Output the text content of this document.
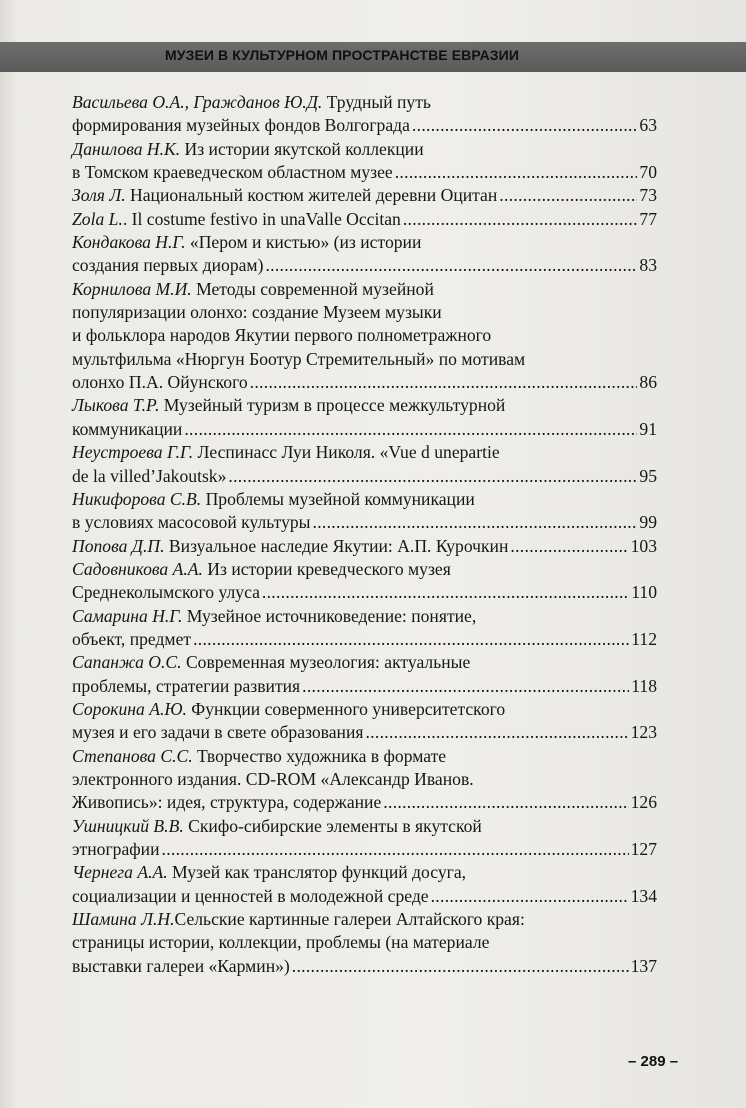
МУЗЕИ В КУЛЬТУРНОМ ПРОСТРАНСТВЕ ЕВРАЗИИ
Васильева О.А., Гражданов Ю.Д. Трудный путь
формирования музейных фондов Волгограда .....	63
Данилова Н.К. Из истории якутской коллекции
в Томском краеведческом областном музее .....	70
Золя Л. Национальный костюм жителей деревни Оцитан .....	73
Zola L.. Il costume festivo in unaValle Occitan .....	77
Кондакова Н.Г. «Пером и кистью» (из истории
создания первых диорам) .....	83
Корнилова М.И. Методы современной музейной
популяризации олонхо: создание Музеем музыки
и фольклора народов Якутии первого полнометражного
мультфильма «Нюргун Боотур Стремительный» по мотивам
олонхо П.А. Ойунского .....	86
Лыкова Т.Р. Музейный туризм в процессе межкультурной
коммуникации .....	91
Неустроева Г.Г. Леспинасс Луи Николя. «Vue d unepartie
de la villed’Jakoutsk» .....	95
Никифорова С.В. Проблемы музейной коммуникации
в условиях масосовой культуры .....	99
Попова Д.П. Визуальное наследие Якутии: А.П. Курочкин .....	103
Садовникова А.А. Из истории креведческого музея
Среднеколымского улуса .....	110
Самарина Н.Г. Музейное источниковедение: понятие,
объект, предмет .....	112
Сапанжа О.С. Современная музеология: актуальные
проблемы, стратегии развития .....	118
Сорокина А.Ю. Функции соверменного университетского
музея и его задачи в свете образования .....	123
Степанова С.С. Творчество художника в формате
электронного издания. CD-ROM «Александр Иванов.
Живопись»: идея, структура, содержание .....	126
Ушницкий В.В. Скифо-сибирские элементы в якутской
этнографии .....	127
Чернега А.А. Музей как транслятор функций досуга,
социализации и ценностей в молодежной среде .....	134
Шамина Л.Н.Сельские картинные галереи Алтайского края:
страницы истории, коллекции, проблемы (на материале
выставки галереи «Кармин») .....	137
– 289 –
